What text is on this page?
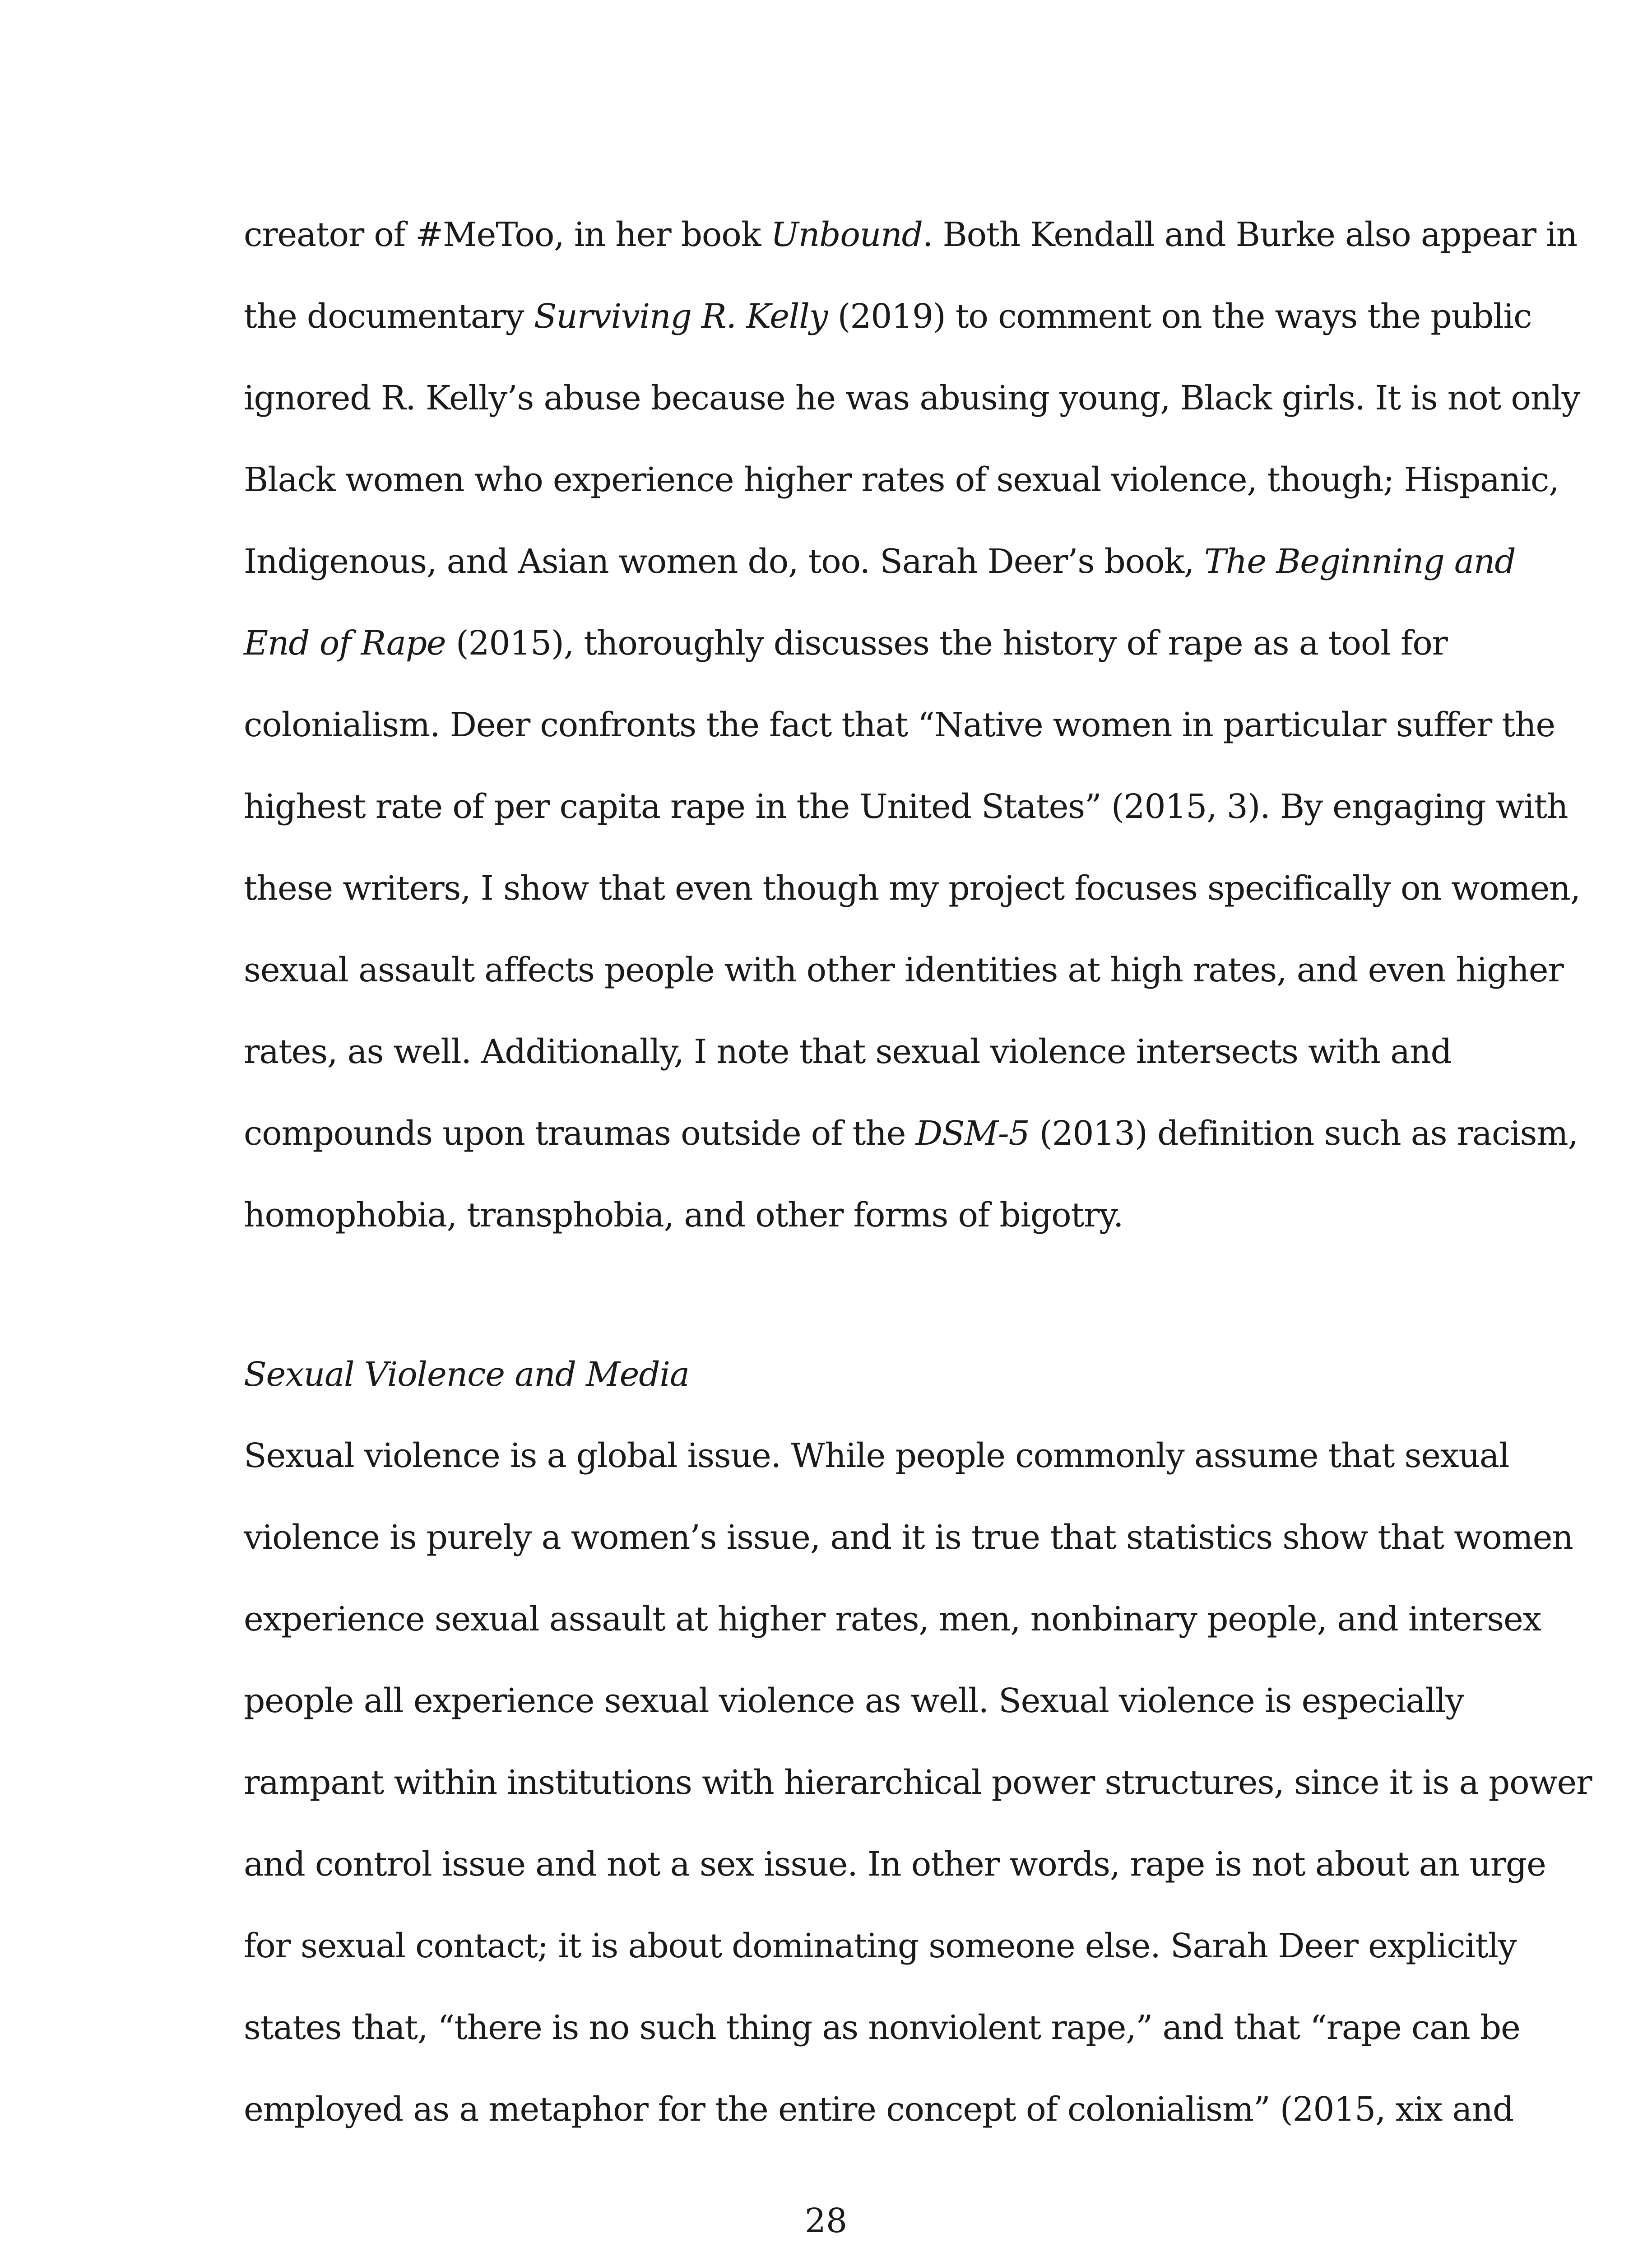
creator of #MeToo, in her book Unbound. Both Kendall and Burke also appear in
the documentary Surviving R. Kelly (2019) to comment on the ways the public
ignored R. Kelly’s abuse because he was abusing young, Black girls. It is not only
Black women who experience higher rates of sexual violence, though; Hispanic,
Indigenous, and Asian women do, too. Sarah Deer’s book, The Beginning and
End of Rape (2015), thoroughly discusses the history of rape as a tool for
colonialism. Deer confronts the fact that “Native women in particular suffer the
highest rate of per capita rape in the United States” (2015, 3). By engaging with
these writers, I show that even though my project focuses specifically on women,
sexual assault affects people with other identities at high rates, and even higher
rates, as well. Additionally, I note that sexual violence intersects with and
compounds upon traumas outside of the DSM-5 (2013) definition such as racism,
homophobia, transphobia, and other forms of bigotry.
Sexual Violence and Media
Sexual violence is a global issue. While people commonly assume that sexual
violence is purely a women’s issue, and it is true that statistics show that women
experience sexual assault at higher rates, men, nonbinary people, and intersex
people all experience sexual violence as well. Sexual violence is especially
rampant within institutions with hierarchical power structures, since it is a power
and control issue and not a sex issue. In other words, rape is not about an urge
for sexual contact; it is about dominating someone else. Sarah Deer explicitly
states that, “there is no such thing as nonviolent rape,” and that “rape can be
employed as a metaphor for the entire concept of colonialism” (2015, xix and
28
